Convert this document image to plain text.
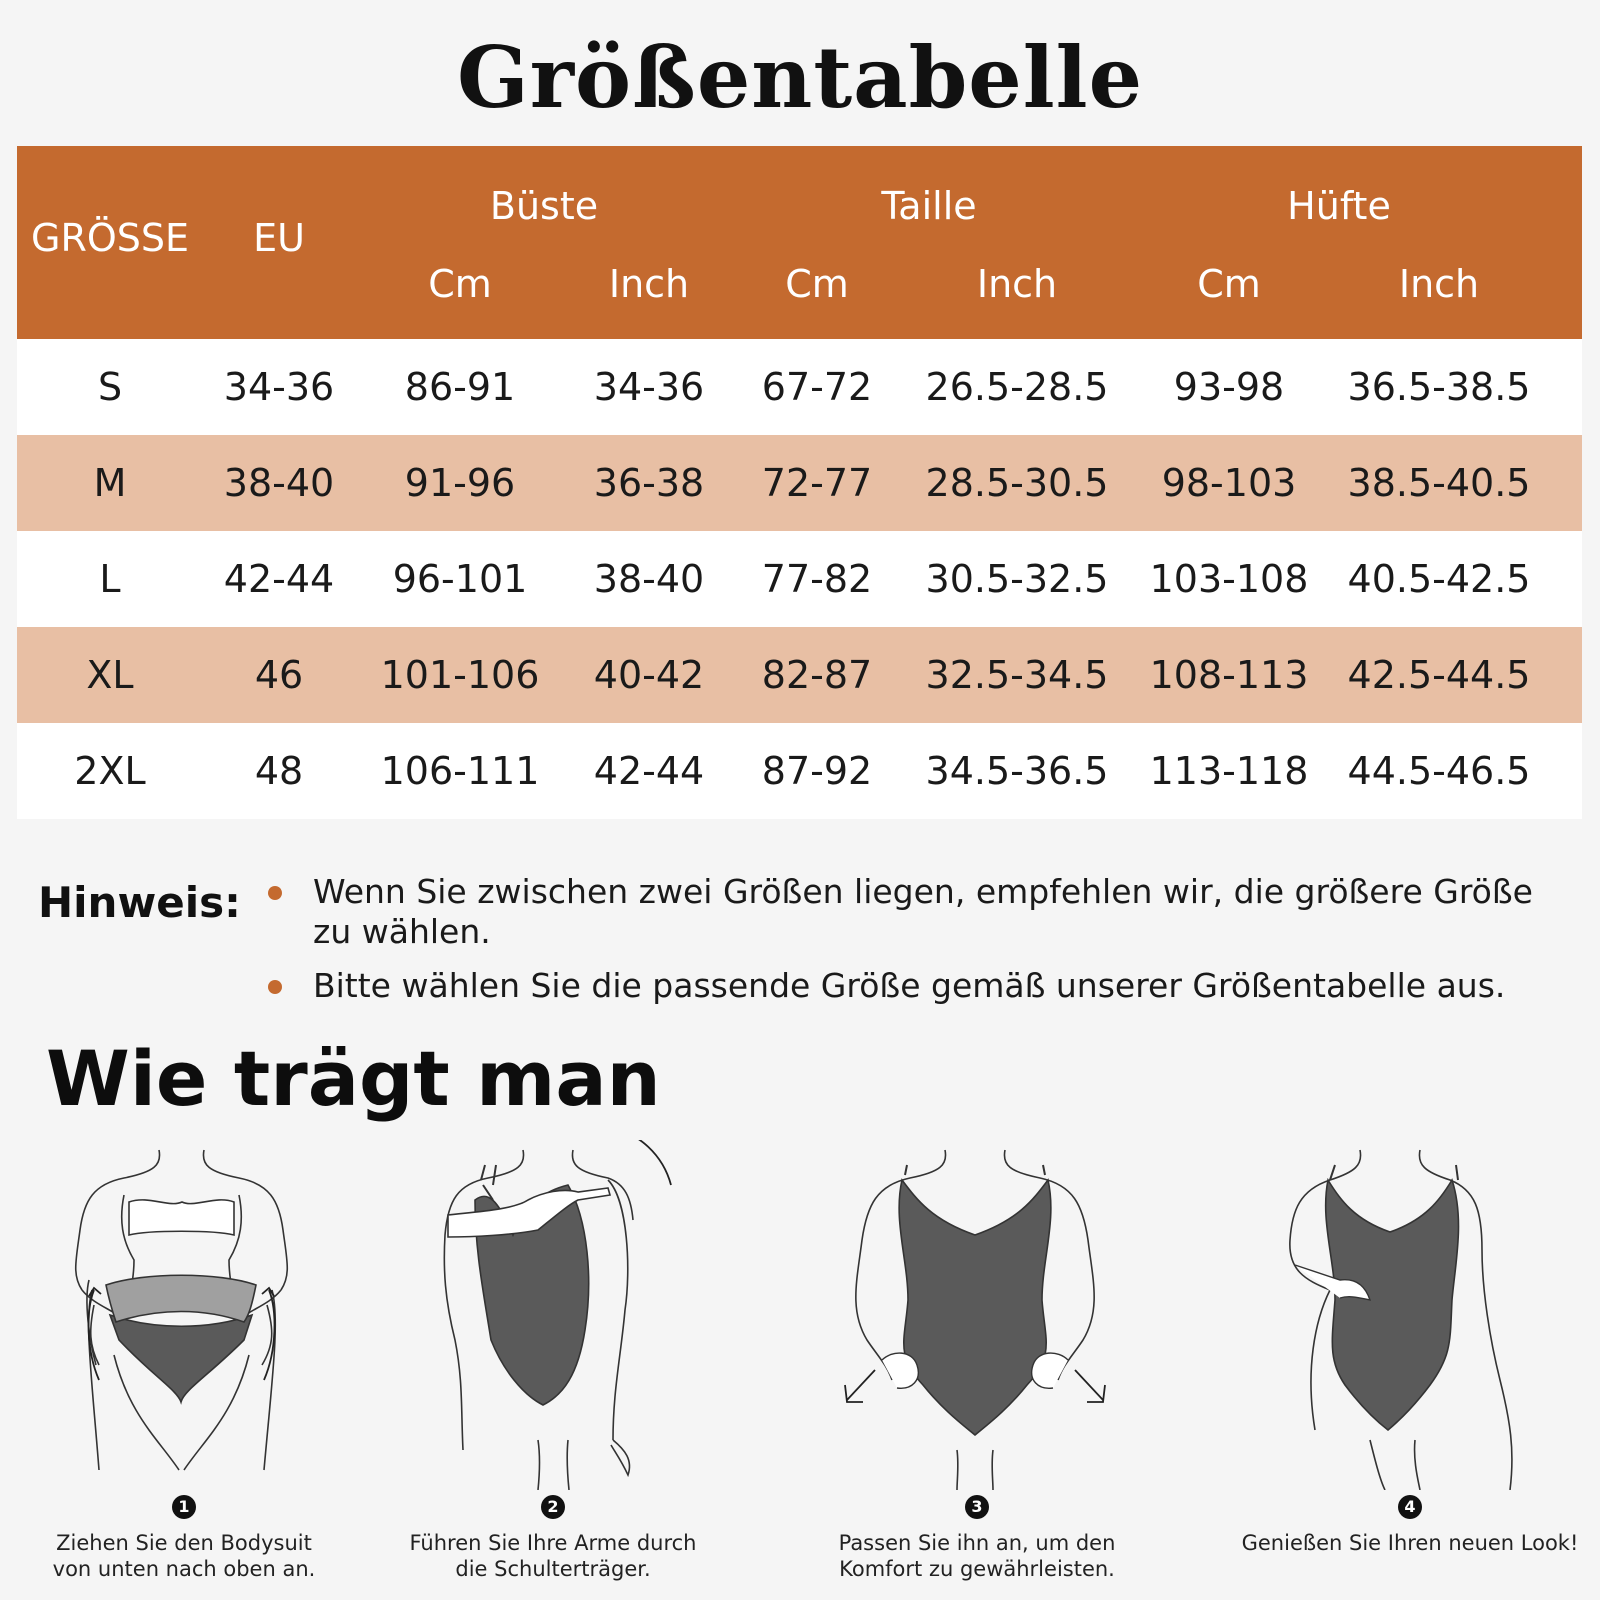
Größentabelle
GRÖSSE EU
Büste	Taille	Hüfte
Cm	Inch	Cm	Inch	Cm	Inch
S	34-36 86-91 34-36 67-72 26.5-28.5 93-98 36.5-38.5
M	38-40 91-96 36-38 72-77 28.5-30.5 98-103 38.5-40.5
L	42-44 96-101 38-40 77-82 30.5-32.5 103-108 40.5-42.5
XL	46 101-106 40-42 82-87 32.5-34.5 108-113 42.5-44.5
2XL	48 106-111 42-44 87-92 34.5-36.5 113-118 44.5-46.5
Hinweis:	Wenn Sie zwischen zwei Größen liegen, empfehlen wir, die größere Größe zu wählen.
Bitte wählen Sie die passende Größe gemäß unserer Größentabelle aus.
Wie trägt man
1
Ziehen Sie den Bodysuit
von unten nach oben an.
2
Führen Sie Ihre Arme durch
die Schulterträger.
3
Passen Sie ihn an, um den
Komfort zu gewährleisten.
4
Genießen Sie Ihren neuen Look!
